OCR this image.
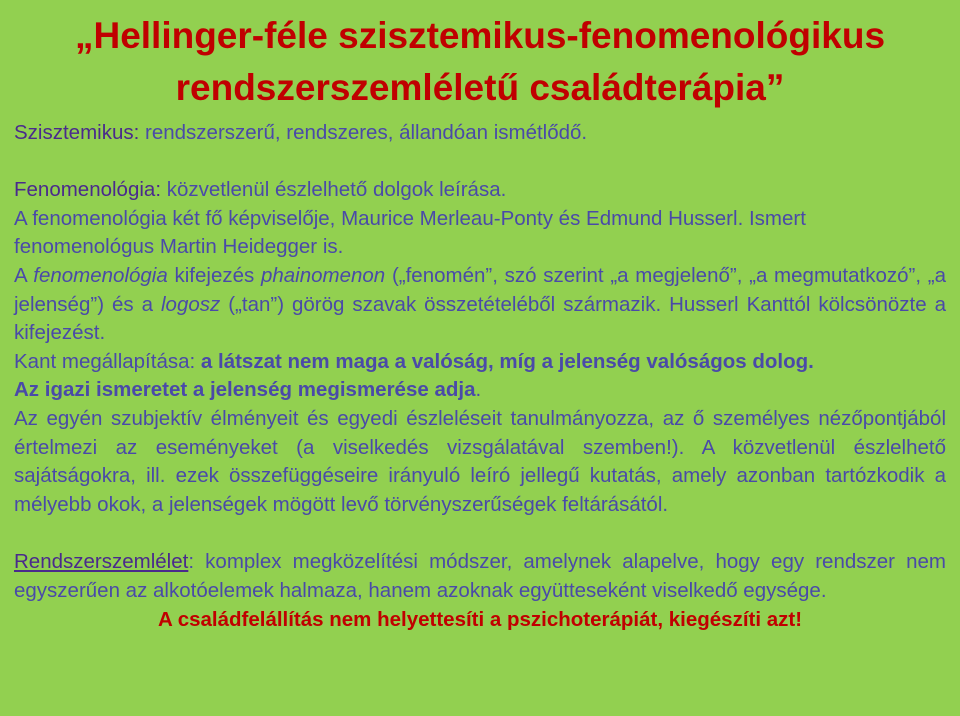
„Hellinger-féle szisztemikus-fenomenológikus
rendszerszemléletű családterápia”

Szisztemikus: rendszerszerű, rendszeres, állandóan ismétlődő.

Fenomenológia: közvetlenül észlelhető dolgok leírása.

A fenomenológia két fő képviselője, Maurice Merleau-Ponty és Edmund Husserl. Ismert fenomenológus Martin Heidegger is.

A fenomenológia kifejezés phainomenon („fenomén”, szó szerint „a megjelenő”, „a megmutatkozó”, „a jelenség”) és a logosz („tan”) görög szavak összetételéből származik. Husserl Kanttól kölcsönözte a kifejezést.

Kant megállapítása: a látszat nem maga a valóság, míg a jelenség valóságos dolog.
Az igazi ismeretet a jelenség megismerése adja.

Az egyén szubjektív élményeit és egyedi észleléseit tanulmányozza, az ő személyes nézőpontjából értelmezi az eseményeket (a viselkedés vizsgálatával szemben!). A közvetlenül észlelhető sajátságokra, ill. ezek összefüggéseire irányuló leíró jellegű kutatás, amely azonban tartózkodik a mélyebb okok, a jelenségek mögött levő törvényszerűségek feltárásától.

Rendszerszemlélet: komplex megközelítési módszer, amelynek alapelve, hogy egy rendszer nem egyszerűen az alkotóelemek halmaza, hanem azoknak együtteseként viselkedő egysége.

A családfelállítás nem helyettesíti a pszichoterápiát, kiegészíti azt!
